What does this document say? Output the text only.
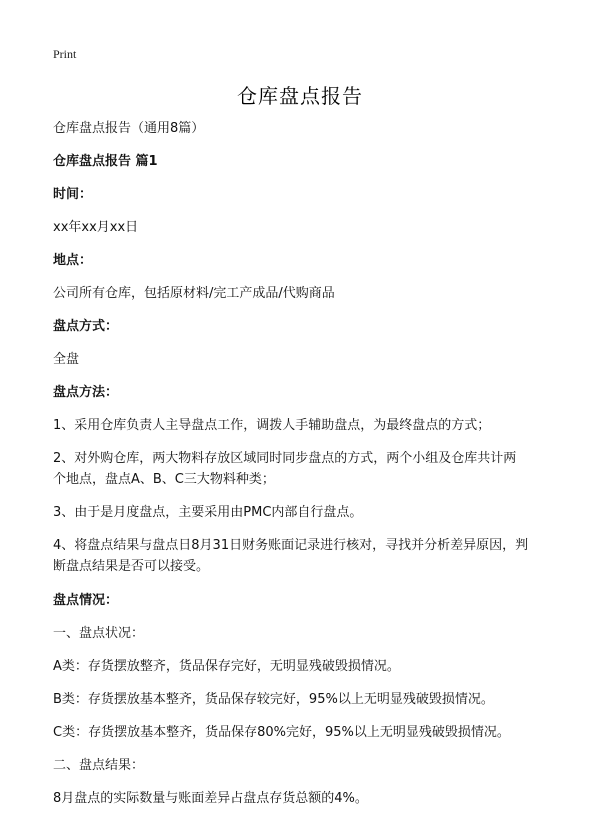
Print
仓库盘点报告

仓库盘点报告（通用8篇）

仓库盘点报告 篇1

时间：

xx年xx月xx日

地点：

公司所有仓库，包括原材料/完工产成品/代购商品

盘点方式：

全盘

盘点方法：

1、采用仓库负责人主导盘点工作，调拨人手辅助盘点，为最终盘点的方式；

2、对外购仓库，两大物料存放区域同时同步盘点的方式，两个小组及仓库共计两

个地点，盘点A、B、C三大物料种类；

3、由于是月度盘点，主要采用由PMC内部自行盘点。

4、将盘点结果与盘点日8月31日财务账面记录进行核对，寻找并分析差异原因，判

断盘点结果是否可以接受。

盘点情况：

一、盘点状况：

A类：存货摆放整齐，货品保存完好，无明显残破毁损情况。

B类：存货摆放基本整齐，货品保存较完好，95%以上无明显残破毁损情况。

C类：存货摆放基本整齐，货品保存80%完好，95%以上无明显残破毁损情况。

二、盘点结果：

8月盘点的实际数量与账面差异占盘点存货总额的4%。
